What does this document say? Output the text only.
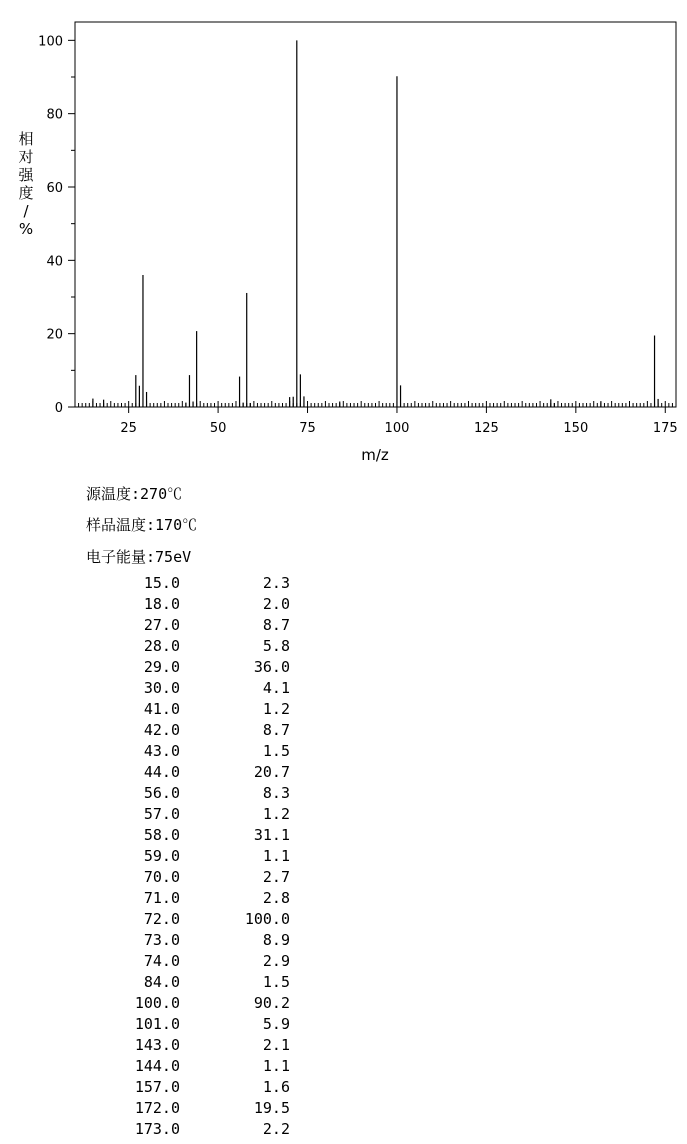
25	50	75	100	125	150	175
0
20
40
60
80
100
m/z
相对强度/ %
源温度:270℃
样品温度:170℃
电子能量:75eV
15.0	2.3
18.0	2.0
27.0	8.7
28.0	5.8
29.0	36.0
30.0	4.1
41.0	1.2
42.0	8.7
43.0	1.5
44.0	20.7
56.0	8.3
57.0	1.2
58.0	31.1
59.0	1.1
70.0	2.7
71.0	2.8
72.0	100.0
73.0	8.9
74.0	2.9
84.0	1.5
100.0	90.2
101.0	5.9
143.0	2.1
144.0	1.1
157.0	1.6
172.0	19.5
173.0	2.2
